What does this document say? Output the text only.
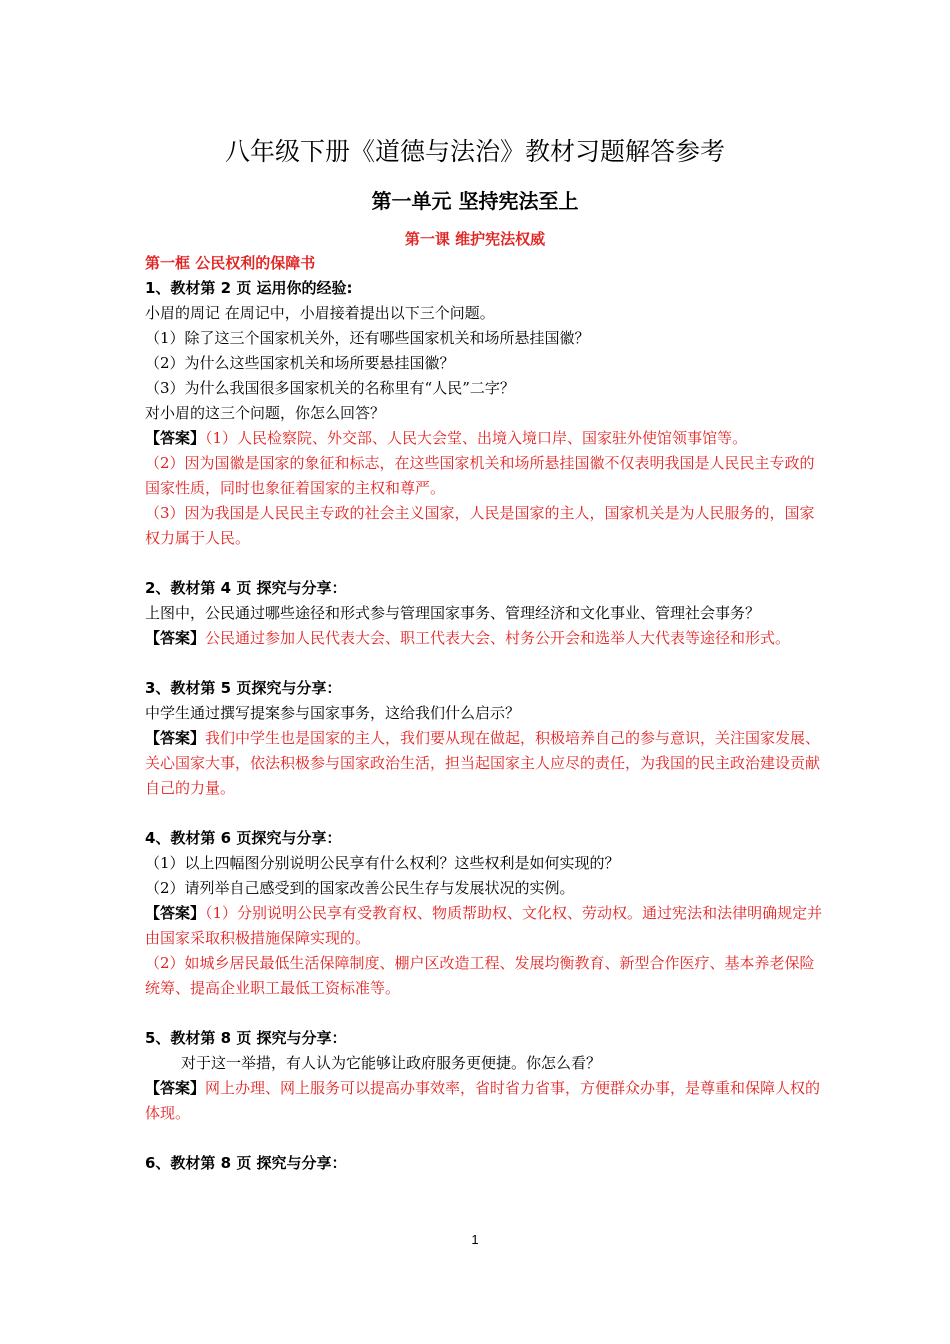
八年级下册《道德与法治》教材习题解答参考
第一单元 坚持宪法至上
第一课 维护宪法权威

第一框 公民权利的保障书

1、教材第 2 页 运用你的经验:

小眉的周记 在周记中，小眉接着提出以下三个问题。

（1）除了这三个国家机关外，还有哪些国家机关和场所悬挂国徽？

（2）为什么这些国家机关和场所要悬挂国徽？

（3）为什么我国很多国家机关的名称里有“人民”二字？

对小眉的这三个问题，你怎么回答？

【答案】（1）人民检察院、外交部、人民大会堂、出境入境口岸、国家驻外使馆领事馆等。

（2）因为国徽是国家的象征和标志，在这些国家机关和场所悬挂国徽不仅表明我国是人民民主专政的国家性质，同时也象征着国家的主权和尊严。

（3）因为我国是人民民主专政的社会主义国家，人民是国家的主人，国家机关是为人民服务的，国家权力属于人民。

2、教材第 4 页 探究与分享：

上图中，公民通过哪些途径和形式参与管理国家事务、管理经济和文化事业、管理社会事务？

【答案】公民通过参加人民代表大会、职工代表大会、村务公开会和选举人大代表等途径和形式。

3、教材第 5 页探究与分享：

中学生通过撰写提案参与国家事务，这给我们什么启示？

【答案】我们中学生也是国家的主人，我们要从现在做起，积极培养自己的参与意识，关注国家发展、关心国家大事，依法积极参与国家政治生活，担当起国家主人应尽的责任，为我国的民主政治建设贡献自己的力量。

4、教材第 6 页探究与分享：

（1）以上四幅图分别说明公民享有什么权利？这些权利是如何实现的？

（2）请列举自己感受到的国家改善公民生存与发展状况的实例。

【答案】（1）分别说明公民享有受教育权、物质帮助权、文化权、劳动权。通过宪法和法律明确规定并由国家采取积极措施保障实现的。

（2）如城乡居民最低生活保障制度、棚户区改造工程、发展均衡教育、新型合作医疗、基本养老保险统筹、提高企业职工最低工资标准等。

5、教材第 8 页 探究与分享：

对于这一举措，有人认为它能够让政府服务更便捷。你怎么看？

【答案】网上办理、网上服务可以提高办事效率，省时省力省事，方便群众办事，是尊重和保障人权的体现。

6、教材第 8 页 探究与分享：

1
